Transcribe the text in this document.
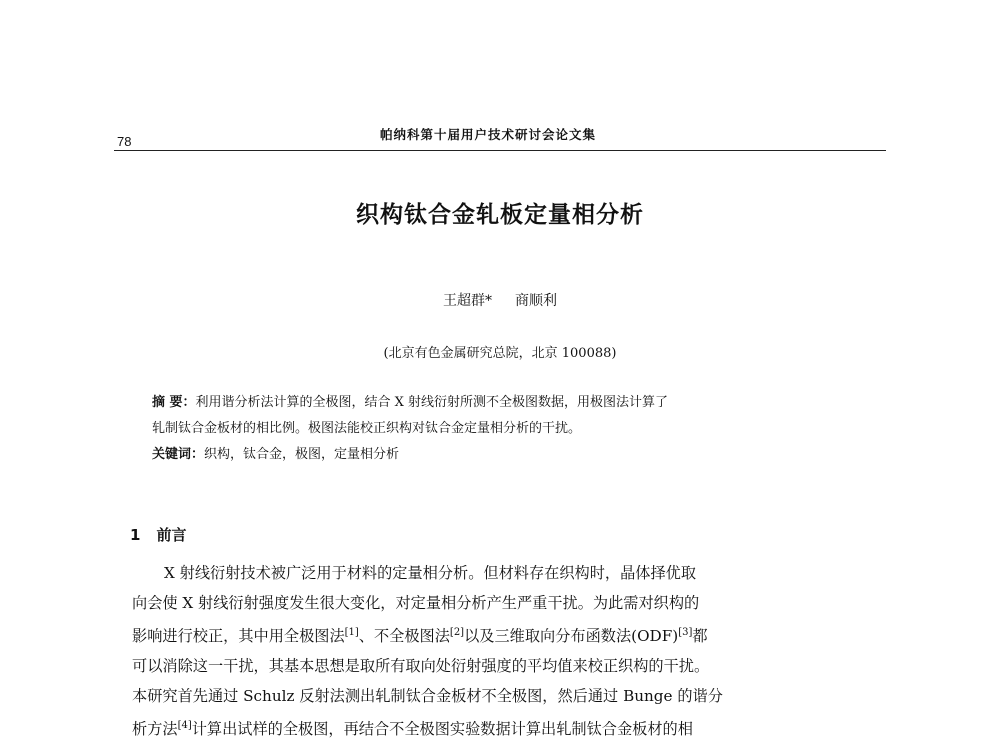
78	帕纳科第十届用户技术研讨会论文集
织构钛合金轧板定量相分析
王超群* 商顺利
(北京有色金属研究总院，北京 100088)

摘 要：利用谐分析法计算的全极图，结合 X 射线衍射所测不全极图数据，用极图法计算了

轧制钛合金板材的相比例。极图法能校正织构对钛合金定量相分析的干扰。

关键词：织构，钛合金，极图，定量相分析

1 前言

X 射线衍射技术被广泛用于材料的定量相分析。但材料存在织构时，晶体择优取

向会使 X 射线衍射强度发生很大变化，对定量相分析产生严重干扰。为此需对织构的

影响进行校正，其中用全极图法[1]、不全极图法[2]以及三维取向分布函数法(ODF)[3]都

可以消除这一干扰，其基本思想是取所有取向处衍射强度的平均值来校正织构的干扰。

本研究首先通过 Schulz 反射法测出轧制钛合金板材不全极图，然后通过 Bunge 的谐分

析方法[4]计算出试样的全极图，再结合不全极图实验数据计算出轧制钛合金板材的相
